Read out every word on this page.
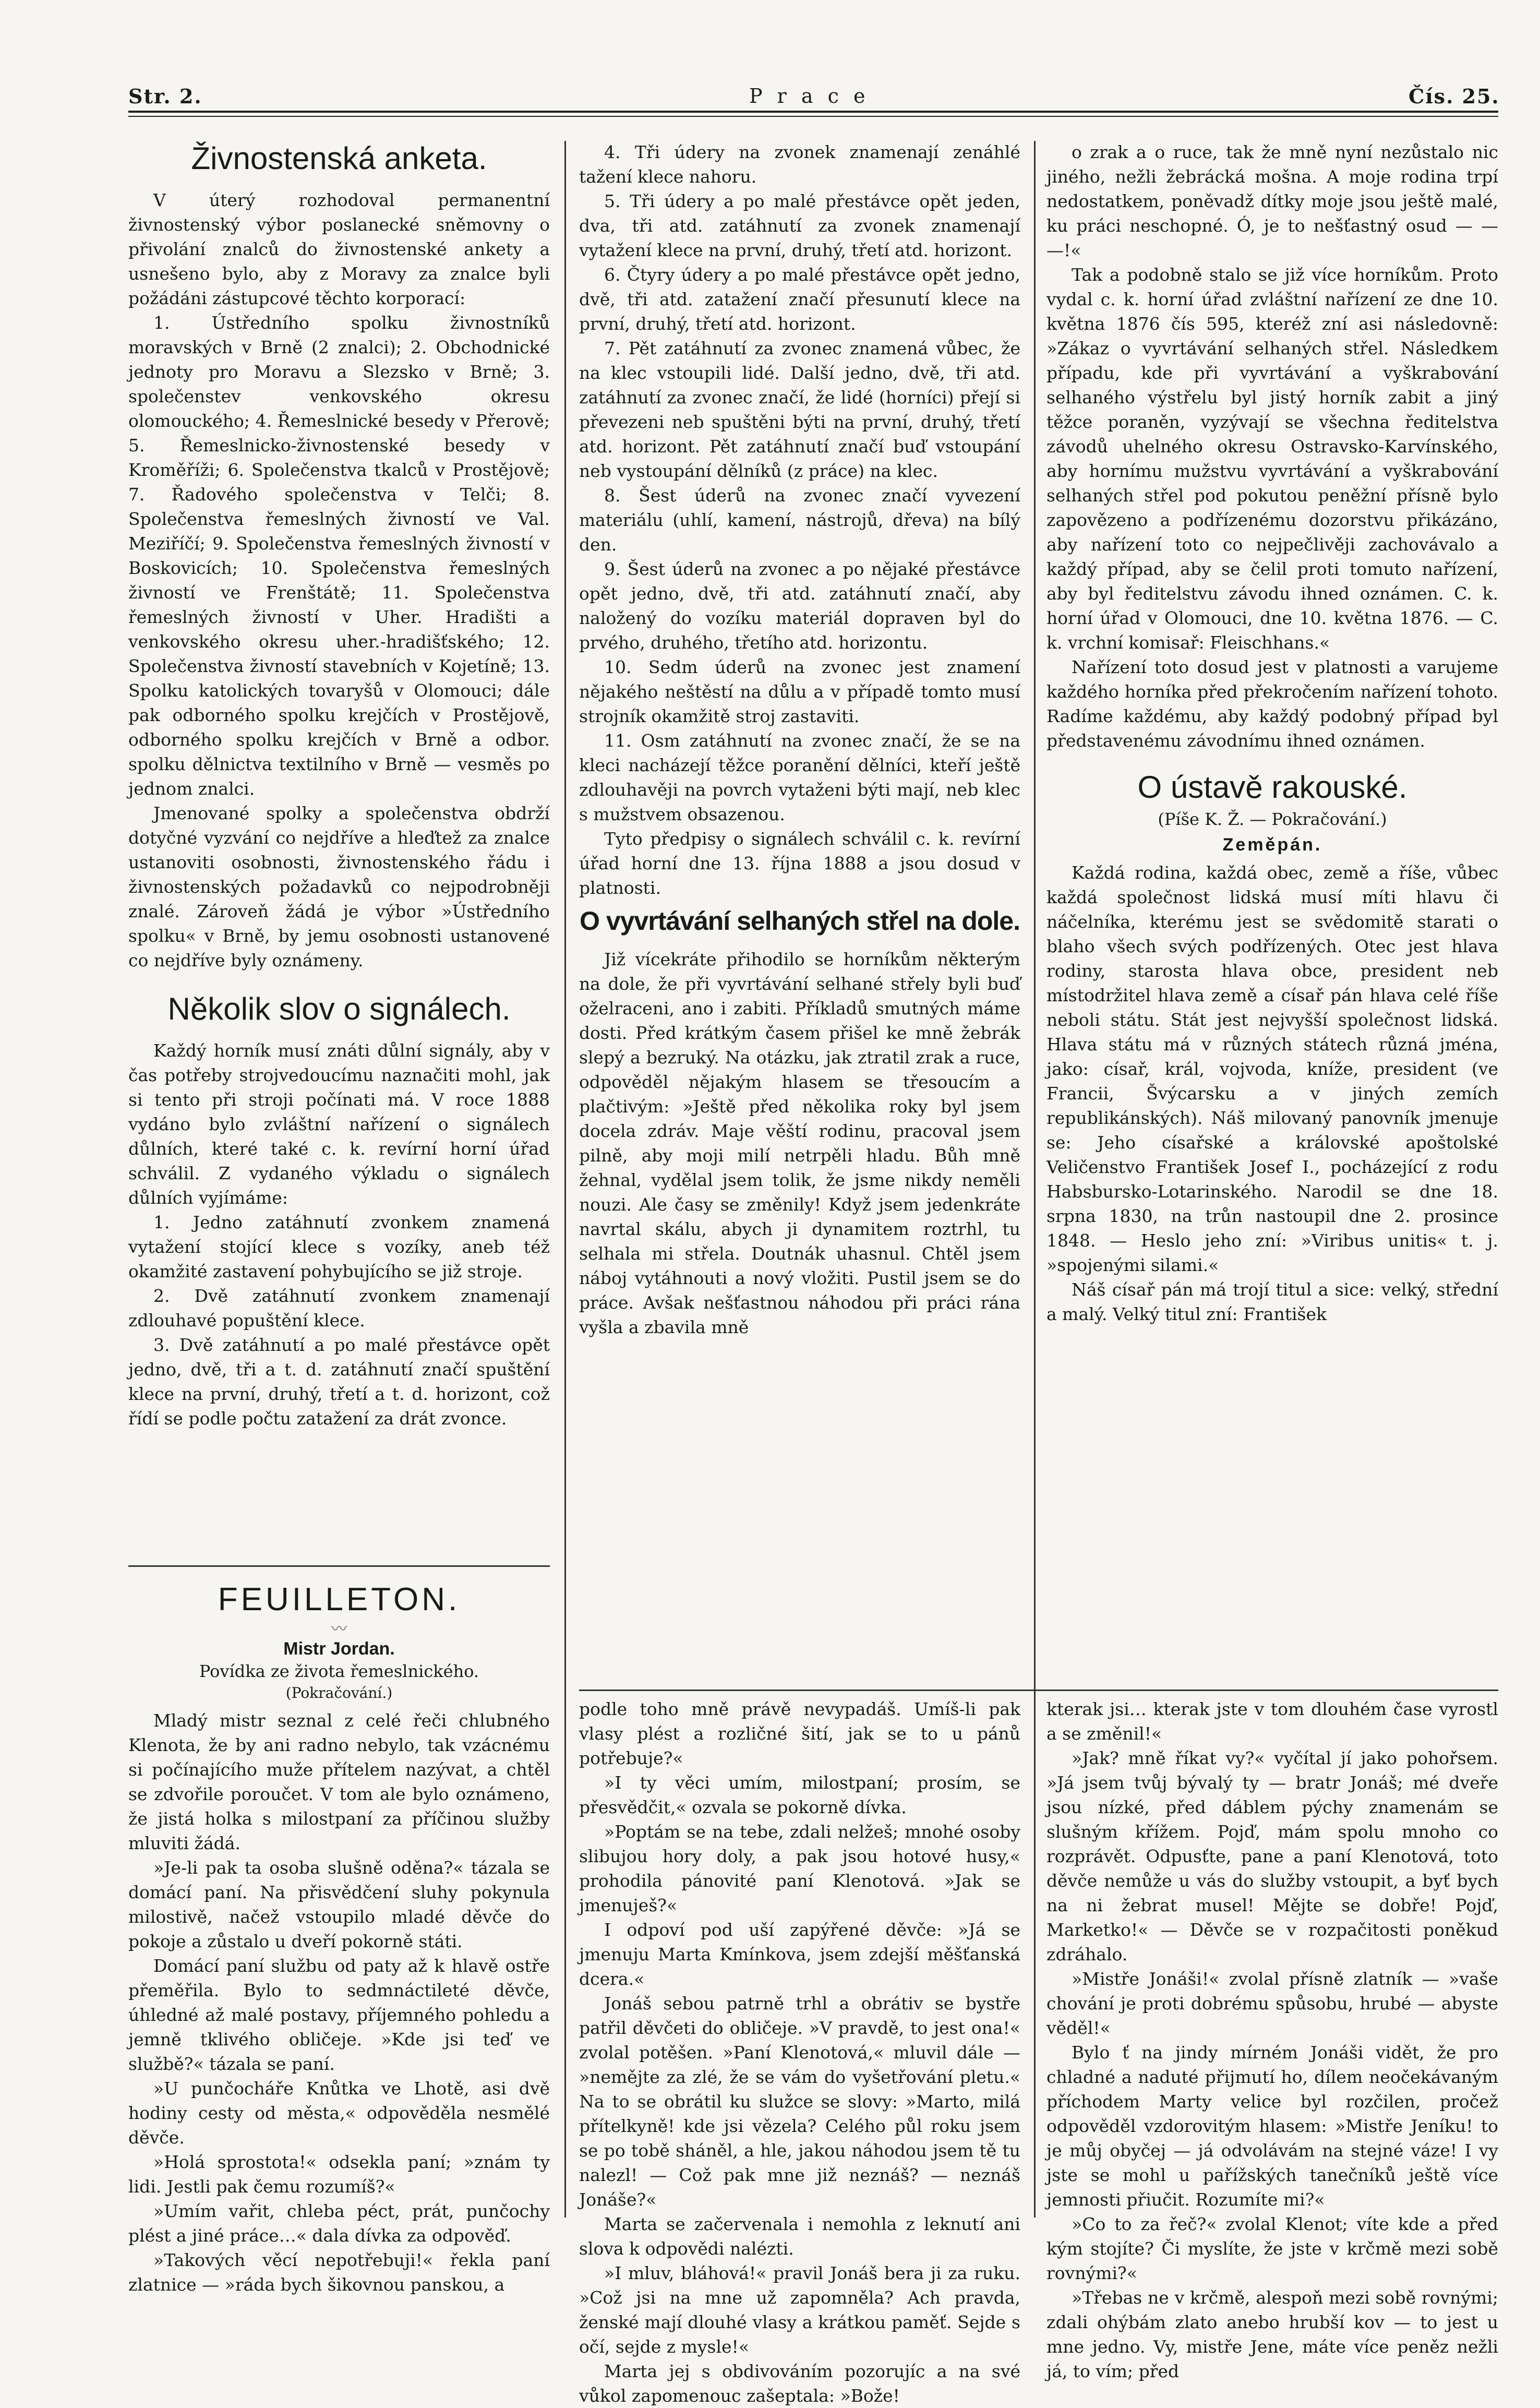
Str. 2.	P r a c e	Čís. 25.
Živnostenská anketa.

V úterý rozhodoval permanentní živnostenský výbor poslanecké sněmovny o přivolání znalců do živnostenské ankety a usnešeno bylo, aby z Moravy za znalce byli požádáni zástupcové těchto korporací:

1. Ústředního spolku živnostníků moravských v Brně (2 znalci); 2. Obchodnické jednoty pro Moravu a Slezsko v Brně; 3. společenstev venkovského okresu olomouckého; 4. Řemeslnické besedy v Přerově; 5. Řemeslnicko-živnostenské besedy v Kroměříži; 6. Společenstva tkalců v Prostějově; 7. Řadového společenstva v Telči; 8. Společenstva řemeslných živností ve Val. Meziříčí; 9. Společenstva řemeslných živností v Boskovicích; 10. Společenstva řemeslných živností ve Frenštátě; 11. Společenstva řemeslných živností v Uher. Hradišti a venkovského okresu uher.-hradišťského; 12. Společenstva živností stavebních v Kojetíně; 13. Spolku katolických tovaryšů v Olomouci; dále pak odborného spolku krejčích v Prostějově, odborného spolku krejčích v Brně a odbor. spolku dělnictva textilního v Brně — vesměs po jednom znalci.

Jmenované spolky a společenstva obdrží dotyčné vyzvání co nejdříve a hleďtež za znalce ustanoviti osobnosti, živnostenského řádu i živnostenských požadavků co nejpodrobněji znalé. Zároveň žádá je výbor »Ústředního spolku« v Brně, by jemu osobnosti ustanovené co nejdříve byly oznámeny.

Několik slov o signálech.

Každý horník musí znáti důlní signály, aby v čas potřeby strojvedoucímu naznačiti mohl, jak si tento při stroji počínati má. V roce 1888 vydáno bylo zvláštní nařízení o signálech důlních, které také c. k. revírní horní úřad schválil. Z vydaného výkladu o signálech důlních vyjímáme:

1. Jedno zatáhnutí zvonkem znamená vytažení stojící klece s vozíky, aneb též okamžité zastavení pohybujícího se již stroje.

2. Dvě zatáhnutí zvonkem znamenají zdlouhavé popuštění klece.

3. Dvě zatáhnutí a po malé přestávce opět jedno, dvě, tři a t. d. zatáhnutí značí spuštění klece na první, druhý, třetí a t. d. horizont, což řídí se podle počtu zatažení za drát zvonce.

4. Tři údery na zvonek znamenají zenáhlé tažení klece nahoru.

5. Tři údery a po malé přestávce opět jeden, dva, tři atd. zatáhnutí za zvonek znamenají vytažení klece na první, druhý, třetí atd. horizont.

6. Čtyry údery a po malé přestávce opět jedno, dvě, tři atd. zatažení značí přesunutí klece na první, druhý, třetí atd. horizont.

7. Pět zatáhnutí za zvonec znamená vůbec, že na klec vstoupili lidé. Další jedno, dvě, tři atd. zatáhnutí za zvonec značí, že lidé (horníci) přejí si převezeni neb spuštěni býti na první, druhý, třetí atd. horizont. Pět zatáhnutí značí buď vstoupání neb vystoupání dělníků (z práce) na klec.

8. Šest úderů na zvonec značí vyvezení materiálu (uhlí, kamení, nástrojů, dřeva) na bílý den.

9. Šest úderů na zvonec a po nějaké přestávce opět jedno, dvě, tři atd. zatáhnutí značí, aby naložený do vozíku materiál dopraven byl do prvého, druhého, třetího atd. horizontu.

10. Sedm úderů na zvonec jest znamení nějakého neštěstí na důlu a v případě tomto musí strojník okamžitě stroj zastaviti.

11. Osm zatáhnutí na zvonec značí, že se na kleci nacházejí těžce poranění dělníci, kteří ještě zdlouhavěji na povrch vytaženi býti mají, neb klec s mužstvem obsazenou.

Tyto předpisy o signálech schválil c. k. revírní úřad horní dne 13. října 1888 a jsou dosud v platnosti.

O vyvrtávání selhaných střel na dole.

Již vícekráte přihodilo se horníkům některým na dole, že při vyvrtávání selhané střely byli buď oželraceni, ano i zabiti. Příkladů smutných máme dosti. Před krátkým časem přišel ke mně žebrák slepý a bezruký. Na otázku, jak ztratil zrak a ruce, odpověděl nějakým hlasem se třesoucím a plačtivým: »Ještě před několika roky byl jsem docela zdráv. Maje věští rodinu, pracoval jsem pilně, aby moji milí netrpěli hladu. Bůh mně žehnal, vydělal jsem tolik, že jsme nikdy neměli nouzi. Ale časy se změnily! Když jsem jedenkráte navrtal skálu, abych ji dynamitem roztrhl, tu selhala mi střela. Doutnák uhasnul. Chtěl jsem náboj vytáhnouti a nový vložiti. Pustil jsem se do práce. Avšak nešťastnou náhodou při práci rána vyšla a zbavila mně

o zrak a o ruce, tak že mně nyní nezůstalo nic jiného, nežli žebrácká mošna. A moje rodina trpí nedostatkem, poněvadž dítky moje jsou ještě malé, ku práci neschopné. Ó, je to nešťastný osud — — —!«

Tak a podobně stalo se již více horníkům. Proto vydal c. k. horní úřad zvláštní nařízení ze dne 10. května 1876 čís 595, kteréž zní asi následovně: »Zákaz o vyvrtávání selhaných střel. Následkem případu, kde při vyvrtávání a vyškrabování selhaného výstřelu byl jistý horník zabit a jiný těžce poraněn, vyzývají se všechna ředitelstva závodů uhelného okresu Ostravsko-Karvínského, aby hornímu mužstvu vyvrtávání a vyškrabování selhaných střel pod pokutou peněžní přísně bylo zapovězeno a podřízenému dozorstvu přikázáno, aby nařízení toto co nejpečlivěji zachovávalo a každý případ, aby se čelil proti tomuto nařízení, aby byl ředitelstvu závodu ihned oznámen. C. k. horní úřad v Olomouci, dne 10. května 1876. — C. k. vrchní komisař: Fleischhans.«

Nařízení toto dosud jest v platnosti a varujeme každého horníka před překročením nařízení tohoto. Radíme každému, aby každý podobný případ byl představenému závodnímu ihned oznámen.

O ústavě rakouské.
(Píše K. Ž. — Pokračování.)
Zeměpán.

Každá rodina, každá obec, země a říše, vůbec každá společnost lidská musí míti hlavu či náčelníka, kterému jest se svědomitě starati o blaho všech svých podřízených. Otec jest hlava rodiny, starosta hlava obce, president neb místodržitel hlava země a císař pán hlava celé říše neboli státu. Stát jest nejvyšší společnost lidská. Hlava státu má v různých státech různá jména, jako: císař, král, vojvoda, kníže, president (ve Francii, Švýcarsku a v jiných zemích republikánských). Náš milovaný panovník jmenuje se: Jeho císařské a královské apoštolské Veličenstvo František Josef I., pocházející z rodu Habsbursko-Lotarinského. Narodil se dne 18. srpna 1830, na trůn nastoupil dne 2. prosince 1848. — Heslo jeho zní: »Viribus unitis« t. j. »spojenými silami.«

Náš císař pán má trojí titul a sice: velký, střední a malý. Velký titul zní: František

FEUILLETON.
〰
Mistr Jordan.
Povídka ze života řemeslnického.
(Pokračování.)

Mladý mistr seznal z celé řeči chlubného Klenota, že by ani radno nebylo, tak vzácnému si počínajícího muže přítelem nazývat, a chtěl se zdvořile poroučet. V tom ale bylo oznámeno, že jistá holka s milostpaní za příčinou služby mluviti žádá.

»Je-li pak ta osoba slušně oděna?« tázala se domácí paní. Na přisvědčení sluhy pokynula milostivě, načež vstoupilo mladé děvče do pokoje a zůstalo u dveří pokorně státi.

Domácí paní službu od paty až k hlavě ostře přeměřila. Bylo to sedmnáctileté děvče, úhledné až malé postavy, příjemného pohledu a jemně tklivého obličeje. »Kde jsi teď ve službě?« tázala se paní.

»U punčocháře Knůtka ve Lhotě, asi dvě hodiny cesty od města,« odpověděla nesmělé děvče.

»Holá sprostota!« odsekla paní; »znám ty lidi. Jestli pak čemu rozumíš?«

»Umím vařit, chleba péct, prát, punčochy plést a jiné práce…« dala dívka za odpověď.

»Takových věcí nepotřebuji!« řekla paní zlatnice — »ráda bych šikovnou panskou, a

podle toho mně právě nevypadáš. Umíš-li pak vlasy plést a rozličné šití, jak se to u pánů potřebuje?«

»I ty věci umím, milostpaní; prosím, se přesvědčit,« ozvala se pokorně dívka.

»Poptám se na tebe, zdali nelžeš; mnohé osoby slibujou hory doly, a pak jsou hotové husy,« prohodila pánovité paní Klenotová. »Jak se jmenuješ?«

I odpoví pod uší zapýřené děvče: »Já se jmenuju Marta Kmínkova, jsem zdejší měšťanská dcera.«

Jonáš sebou patrně trhl a obrátiv se bystře patřil děvčeti do obličeje. »V pravdě, to jest ona!« zvolal potěšen. »Paní Klenotová,« mluvil dále — »nemějte za zlé, že se vám do vyšetřování pletu.« Na to se obrátil ku služce se slovy: »Marto, milá přítelkyně! kde jsi vězela? Celého půl roku jsem se po tobě sháněl, a hle, jakou náhodou jsem tě tu nalezl! — Což pak mne již neznáš? — neznáš Jonáše?«

Marta se začervenala i nemohla z leknutí ani slova k odpovědi nalézti.

»I mluv, bláhová!« pravil Jonáš bera ji za ruku. »Což jsi na mne už zapomněla? Ach pravda, ženské mají dlouhé vlasy a krátkou paměť. Sejde s očí, sejde z mysle!«

Marta jej s obdivováním pozorujíc a na své vůkol zapomenouc zašeptala: »Bože!

kterak jsi… kterak jste v tom dlouhém čase vyrostl a se změnil!«

»Jak? mně říkat vy?« vyčítal jí jako pohořsem. »Já jsem tvůj bývalý ty — bratr Jonáš; mé dveře jsou nízké, před dáblem pýchy znamenám se slušným křížem. Pojď, mám spolu mnoho co rozprávět. Odpusťte, pane a paní Klenotová, toto děvče nemůže u vás do služby vstoupit, a byť bych na ni žebrat musel! Mějte se dobře! Pojď, Marketko!« — Děvče se v rozpačitosti poněkud zdráhalo.

»Mistře Jonáši!« zvolal přísně zlatník — »vaše chování je proti dobrému spůsobu, hrubé — abyste věděl!«

Bylo ť na jindy mírném Jonáši vidět, že pro chladné a naduté přijmutí ho, dílem neočekávaným příchodem Marty velice byl rozčilen, pročež odpověděl vzdorovitým hlasem: »Mistře Jeníku! to je můj obyčej — já odvolávám na stejné váze! I vy jste se mohl u pařížských tanečníků ještě více jemnosti přiučit. Rozumíte mi?«

»Co to za řeč?« zvolal Klenot; víte kde a před kým stojíte? Či myslíte, že jste v krčmě mezi sobě rovnými?«

»Třebas ne v krčmě, alespoň mezi sobě rovnými; zdali ohýbám zlato anebo hrubší kov — to jest u mne jedno. Vy, mistře Jene, máte více peněz nežli já, to vím; před
